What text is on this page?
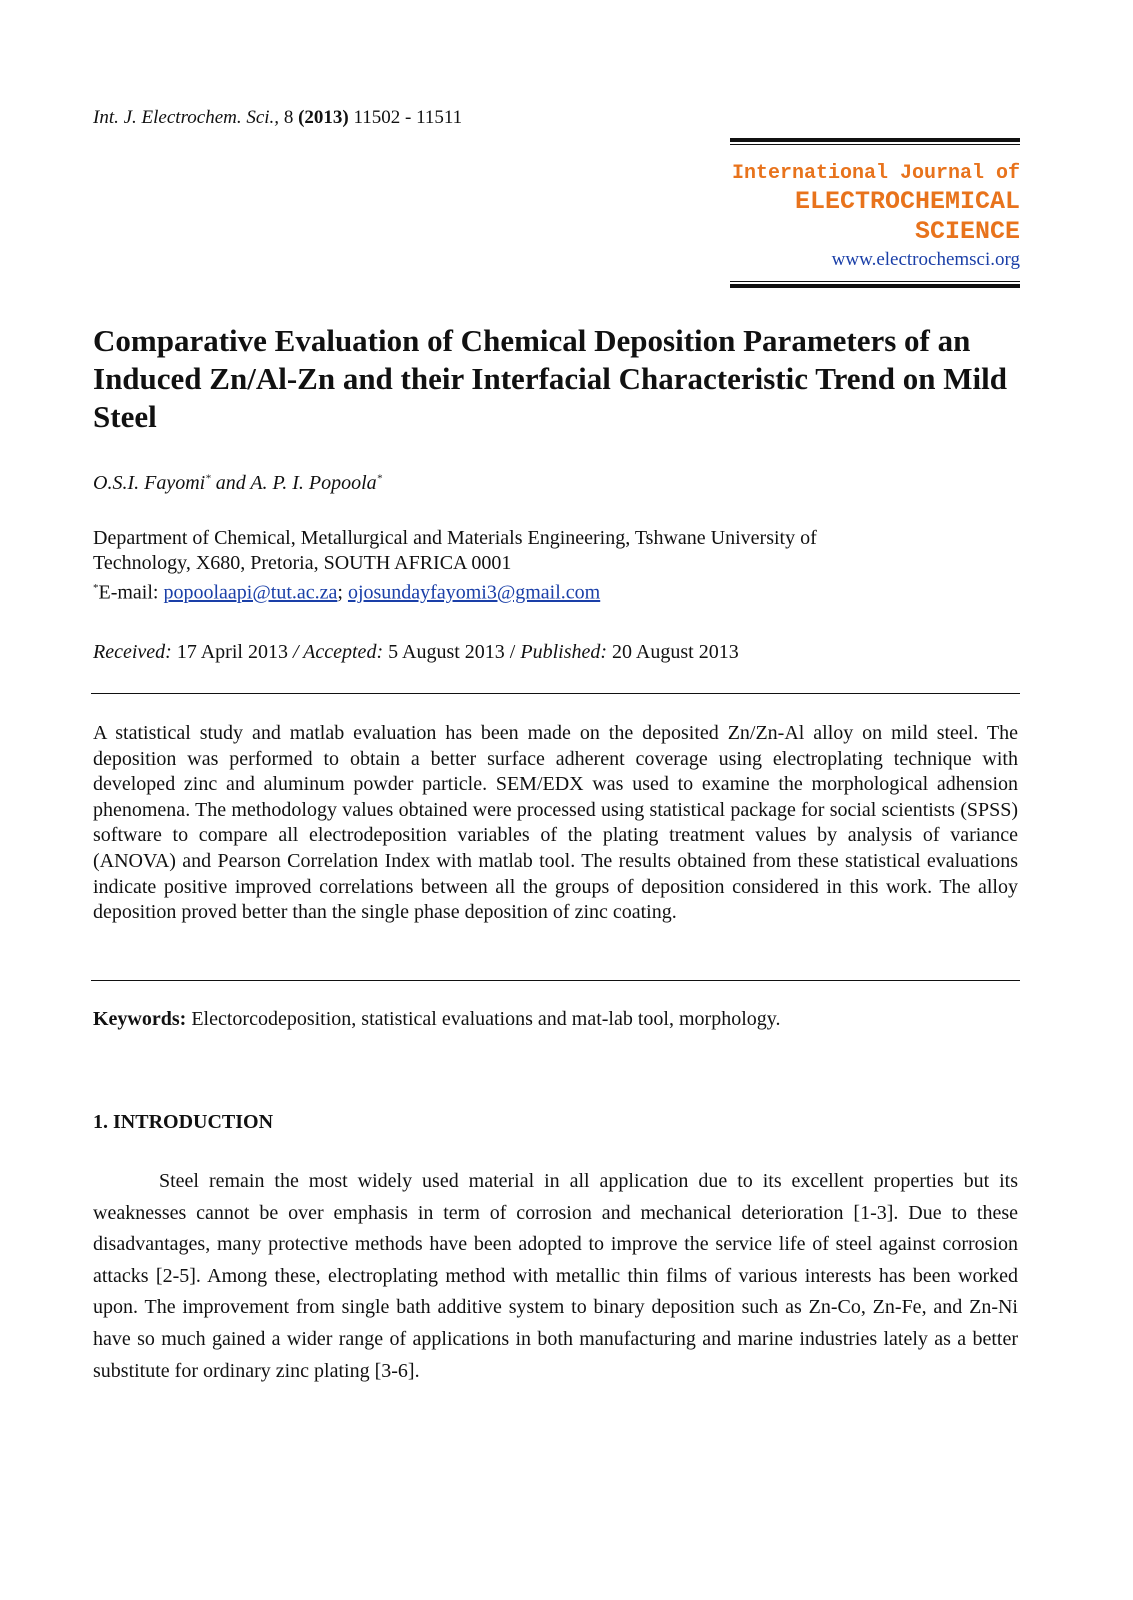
Int. J. Electrochem. Sci., 8 (2013) 11502 - 11511
International Journal of
ELECTROCHEMICAL
SCIENCE
www.electrochemsci.org
Comparative Evaluation of Chemical Deposition Parameters of an Induced Zn/Al-Zn and their Interfacial Characteristic Trend on Mild Steel
O.S.I. Fayomi* and A. P. I. Popoola*
Department of Chemical, Metallurgical and Materials Engineering, Tshwane University of
Technology, X680, Pretoria, SOUTH AFRICA 0001
*E-mail: popoolaapi@tut.ac.za; ojosundayfayomi3@gmail.com
Received: 17 April 2013 / Accepted: 5 August 2013 / Published: 20 August 2013

A statistical study and matlab evaluation has been made on the deposited Zn/Zn-Al alloy on mild steel. The deposition was performed to obtain a better surface adherent coverage using electroplating technique with developed zinc and aluminum powder particle. SEM/EDX was used to examine the morphological adhension phenomena. The methodology values obtained were processed using statistical package for social scientists (SPSS) software to compare all electrodeposition variables of the plating treatment values by analysis of variance (ANOVA) and Pearson Correlation Index with matlab tool. The results obtained from these statistical evaluations indicate positive improved correlations between all the groups of deposition considered in this work. The alloy deposition proved better than the single phase deposition of zinc coating.

Keywords: Electorcodeposition, statistical evaluations and mat-lab tool, morphology.
1. INTRODUCTION

Steel remain the most widely used material in all application due to its excellent properties but its weaknesses cannot be over emphasis in term of corrosion and mechanical deterioration [1-3]. Due to these disadvantages, many protective methods have been adopted to improve the service life of steel against corrosion attacks [2-5]. Among these, electroplating method with metallic thin films of various interests has been worked upon. The improvement from single bath additive system to binary deposition such as Zn-Co, Zn-Fe, and Zn-Ni have so much gained a wider range of applications in both manufacturing and marine industries lately as a better substitute for ordinary zinc plating [3-6].
